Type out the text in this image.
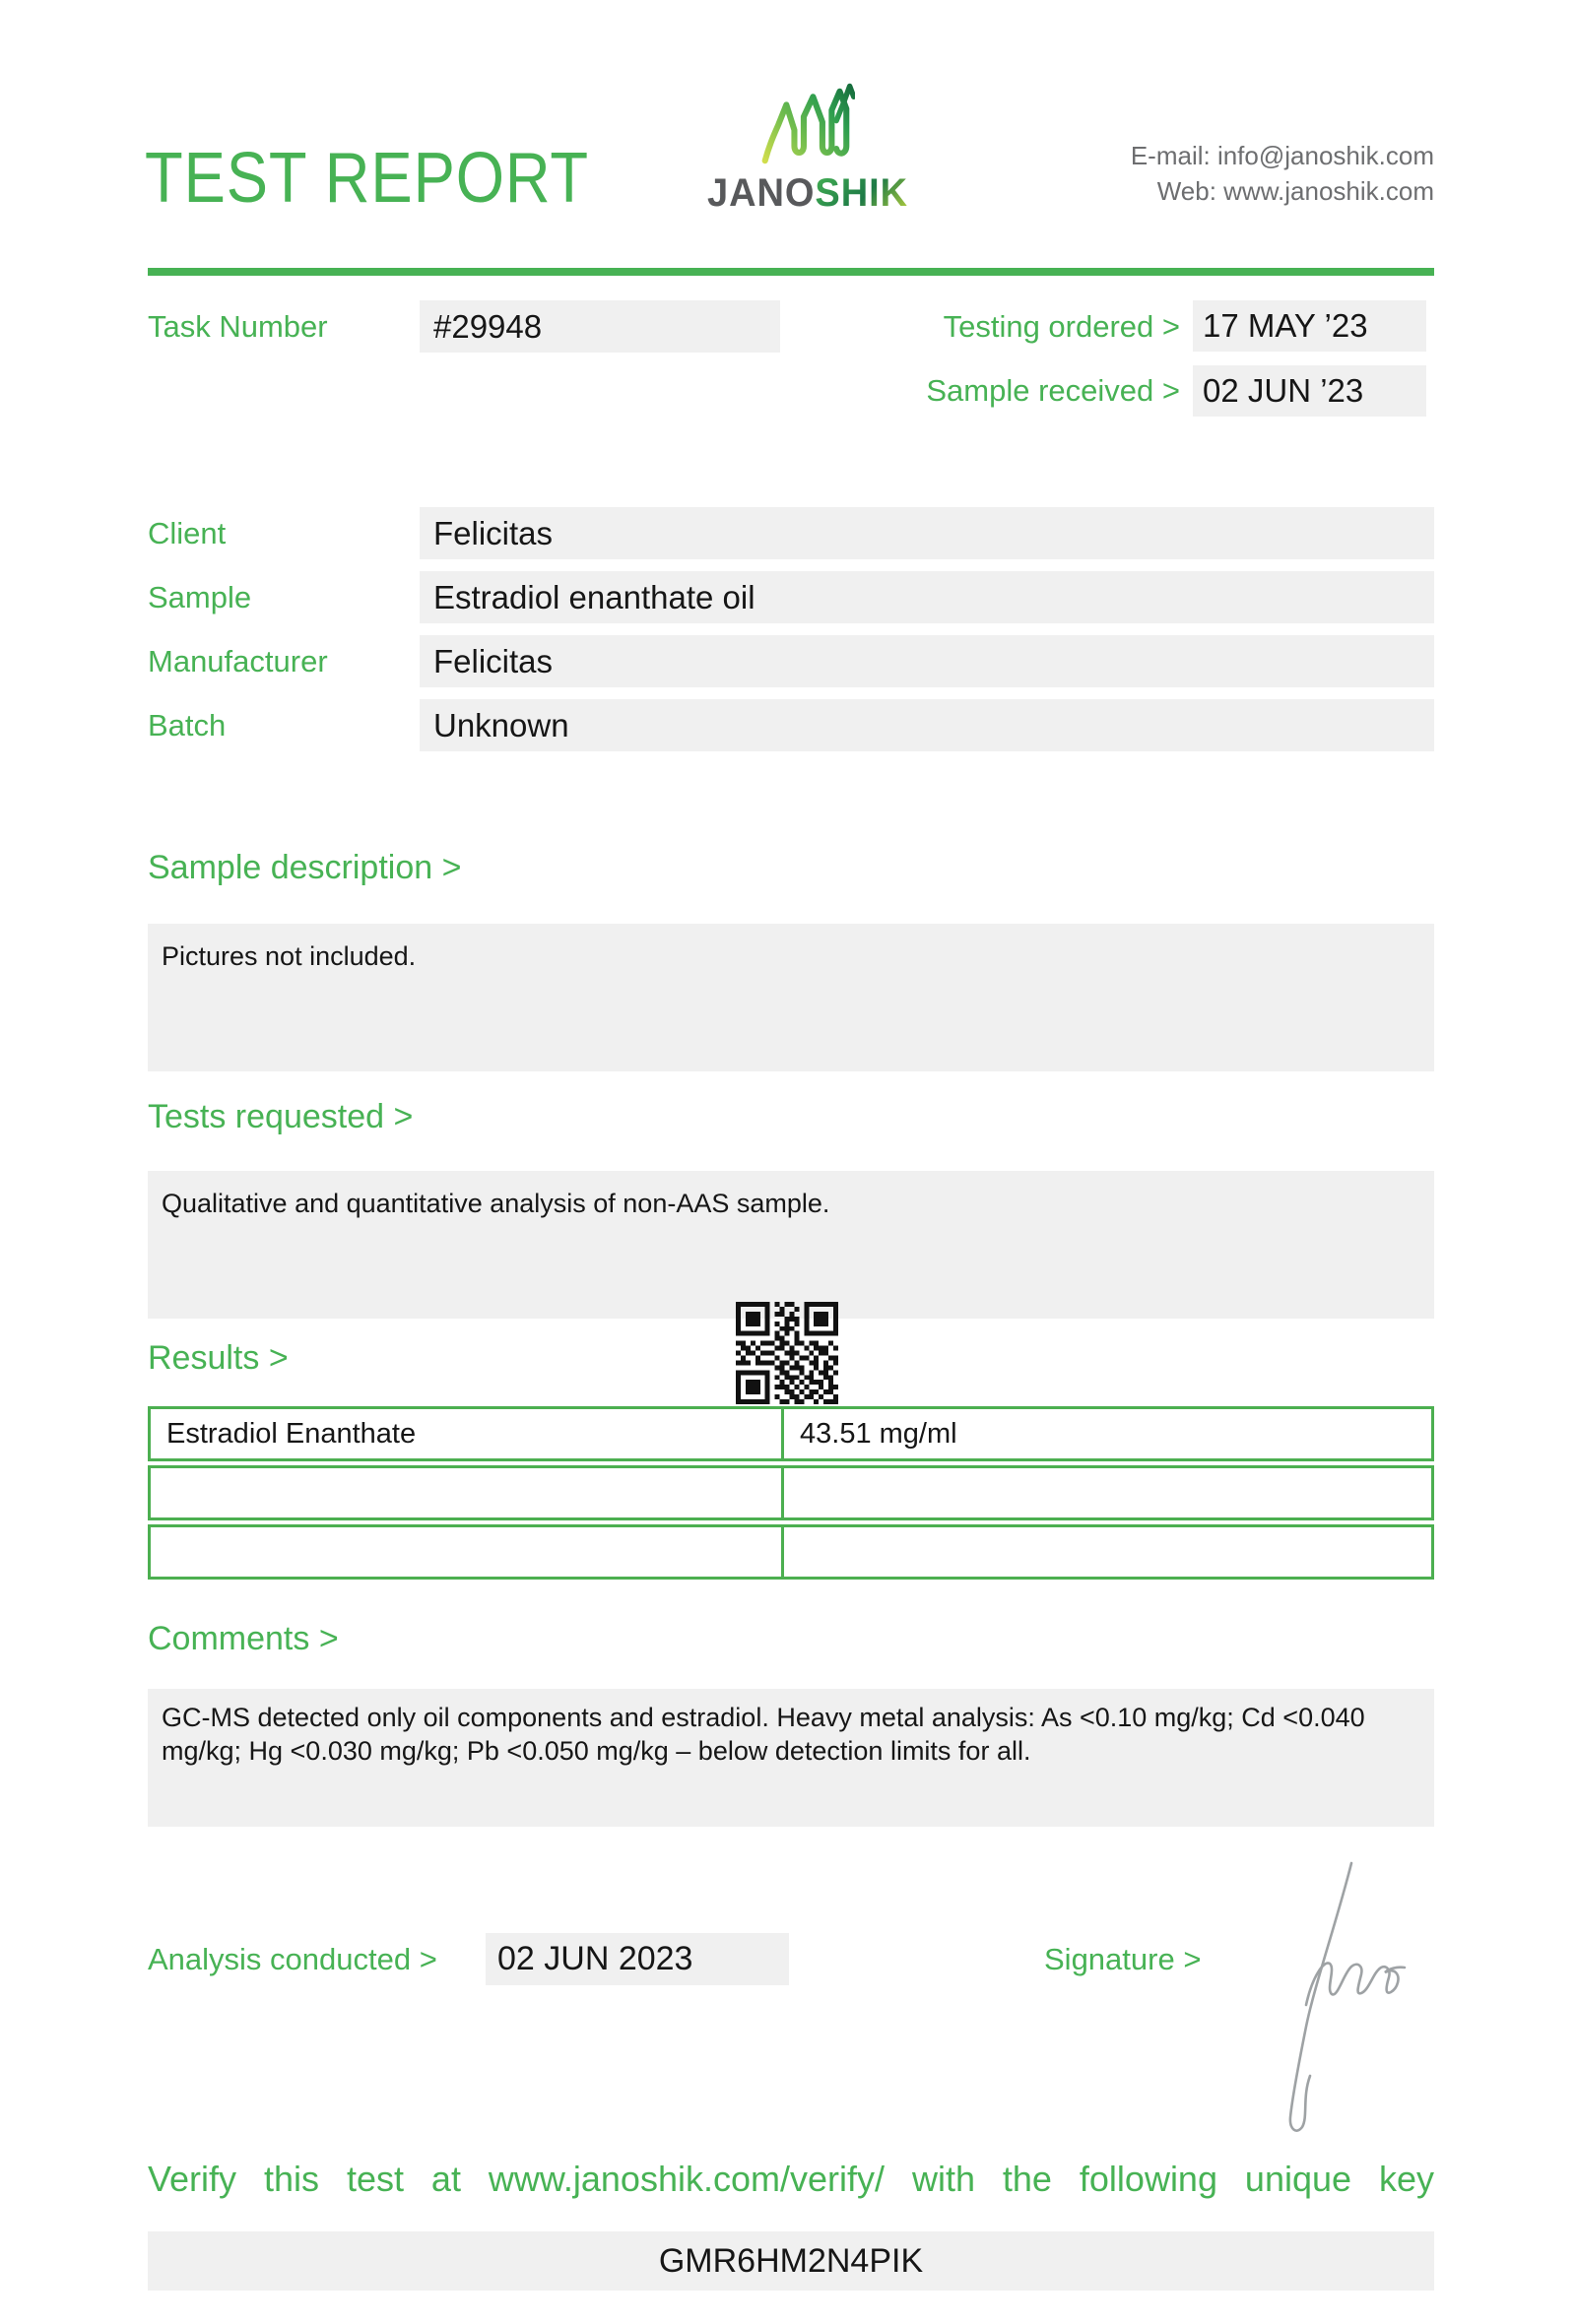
TEST REPORT	JANOSHIK
E-mail: info@janoshik.com
Web: www.janoshik.com
Task Number	#29948	Testing ordered > 17 MAY ’23
Sample received > 02 JUN ’23
Client	Felicitas
Sample	Estradiol enanthate oil
Manufacturer	Felicitas
Batch	Unknown
Sample description >
Pictures not included.
Tests requested >
Qualitative and quantitative analysis of non-AAS sample.
Results >
Estradiol Enanthate	43.51 mg/ml
Comments >
GC-MS detected only oil components and estradiol. Heavy metal analysis: As <0.10 mg/kg; Cd <0.040 mg/kg; Hg <0.030 mg/kg; Pb <0.050 mg/kg – below detection limits for all.
Analysis conducted >	02 JUN 2023	Signature >
Verify this test at www.janoshik.com/verify/ with the following unique key
GMR6HM2N4PIK
